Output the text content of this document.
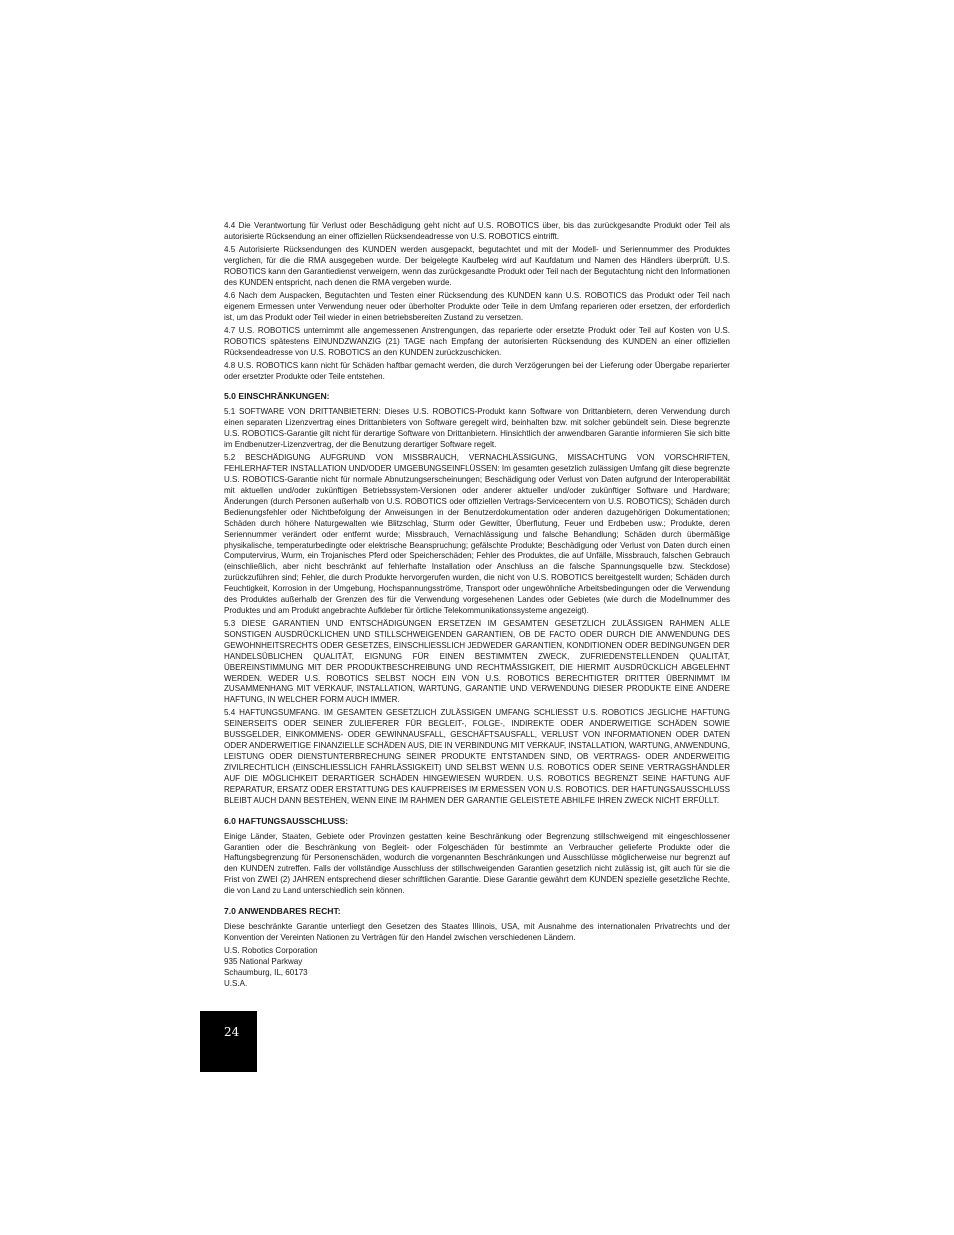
4.4 Die Verantwortung für Verlust oder Beschädigung geht nicht auf U.S. ROBOTICS über, bis das zurückgesandte Produkt oder Teil als autorisierte Rücksendung an einer offiziellen Rücksendeadresse von U.S. ROBOTICS eintrifft.

4.5 Autorisierte Rücksendungen des KUNDEN werden ausgepackt, begutachtet und mit der Modell- und Seriennummer des Produktes verglichen, für die die RMA ausgegeben wurde. Der beigelegte Kaufbeleg wird auf Kaufdatum und Namen des Händlers überprüft. U.S. ROBOTICS kann den Garantiedienst verweigern, wenn das zurückgesandte Produkt oder Teil nach der Begutachtung nicht den Informationen des KUNDEN entspricht, nach denen die RMA vergeben wurde.

4.6 Nach dem Auspacken, Begutachten und Testen einer Rücksendung des KUNDEN kann U.S. ROBOTICS das Produkt oder Teil nach eigenem Ermessen unter Verwendung neuer oder überholter Produkte oder Teile in dem Umfang reparieren oder ersetzen, der erforderlich ist, um das Produkt oder Teil wieder in einen betriebsbereiten Zustand zu versetzen.

4.7 U.S. ROBOTICS unternimmt alle angemessenen Anstrengungen, das reparierte oder ersetzte Produkt oder Teil auf Kosten von U.S. ROBOTICS spätestens EINUNDZWANZIG (21) TAGE nach Empfang der autorisierten Rücksendung des KUNDEN an einer offiziellen Rücksendeadresse von U.S. ROBOTICS an den KUNDEN zurückzuschicken.

4.8 U.S. ROBOTICS kann nicht für Schäden haftbar gemacht werden, die durch Verzögerungen bei der Lieferung oder Übergabe reparierter oder ersetzter Produkte oder Teile entstehen.

5.0 EINSCHRÄNKUNGEN:

5.1 SOFTWARE VON DRITTANBIETERN: Dieses U.S. ROBOTICS-Produkt kann Software von Drittanbietern, deren Verwendung durch einen separaten Lizenzvertrag eines Drittanbieters von Software geregelt wird, beinhalten bzw. mit solcher gebündelt sein. Diese begrenzte U.S. ROBOTICS-Garantie gilt nicht für derartige Software von Drittanbietern. Hinsichtlich der anwendbaren Garantie informieren Sie sich bitte im Endbenutzer-Lizenzvertrag, der die Benutzung derartiger Software regelt.

5.2 BESCHÄDIGUNG AUFGRUND VON MISSBRAUCH, VERNACHLÄSSIGUNG, MISSACHTUNG VON VORSCHRIFTEN, FEHLERHAFTER INSTALLATION UND/ODER UMGEBUNGSEINFLÜSSEN: Im gesamten gesetzlich zulässigen Umfang gilt diese begrenzte U.S. ROBOTICS-Garantie nicht für normale Abnutzungserscheinungen; Beschädigung oder Verlust von Daten aufgrund der Interoperabilität mit aktuellen und/oder zukünftigen Betriebssystem-Versionen oder anderer aktueller und/oder zukünftiger Software und Hardware; Änderungen (durch Personen außerhalb von U.S. ROBOTICS oder offiziellen Vertrags-Servicecentern von U.S. ROBOTICS); Schäden durch Bedienungsfehler oder Nichtbefolgung der Anweisungen in der Benutzerdokumentation oder anderen dazugehörigen Dokumentationen; Schäden durch höhere Naturgewalten wie Blitzschlag, Sturm oder Gewitter, Überflutung, Feuer und Erdbeben usw.; Produkte, deren Seriennummer verändert oder entfernt wurde; Missbrauch, Vernachlässigung und falsche Behandlung; Schäden durch übermäßige physikalische, temperaturbedingte oder elektrische Beanspruchung; gefälschte Produkte; Beschädigung oder Verlust von Daten durch einen Computervirus, Wurm, ein Trojanisches Pferd oder Speicherschäden; Fehler des Produktes, die auf Unfälle, Missbrauch, falschen Gebrauch (einschließlich, aber nicht beschränkt auf fehlerhafte Installation oder Anschluss an die falsche Spannungsquelle bzw. Steckdose) zurückzuführen sind; Fehler, die durch Produkte hervorgerufen wurden, die nicht von U.S. ROBOTICS bereitgestellt wurden; Schäden durch Feuchtigkeit, Korrosion in der Umgebung, Hochspannungsströme, Transport oder ungewöhnliche Arbeitsbedingungen oder die Verwendung des Produktes außerhalb der Grenzen des für die Verwendung vorgesehenen Landes oder Gebietes (wie durch die Modellnummer des Produktes und am Produkt angebrachte Aufkleber für örtliche Telekommunikationssysteme angezeigt).

5.3 DIESE GARANTIEN UND ENTSCHÄDIGUNGEN ERSETZEN IM GESAMTEN GESETZLICH ZULÄSSIGEN RAHMEN ALLE SONSTIGEN AUSDRÜCKLICHEN UND STILLSCHWEIGENDEN GARANTIEN, OB DE FACTO ODER DURCH DIE ANWENDUNG DES GEWOHNHEITSRECHTS ODER GESETZES, EINSCHLIESSLICH JEDWEDER GARANTIEN, KONDITIONEN ODER BEDINGUNGEN DER HANDELSÜBLICHEN QUALITÄT, EIGNUNG FÜR EINEN BESTIMMTEN ZWECK, ZUFRIEDENSTELLENDEN QUALITÄT, ÜBEREINSTIMMUNG MIT DER PRODUKTBESCHREIBUNG UND RECHTMÄSSIGKEIT, DIE HIERMIT AUSDRÜCKLICH ABGELEHNT WERDEN. WEDER U.S. ROBOTICS SELBST NOCH EIN VON U.S. ROBOTICS BERECHTIGTER DRITTER ÜBERNIMMT IM ZUSAMMENHANG MIT VERKAUF, INSTALLATION, WARTUNG, GARANTIE UND VERWENDUNG DIESER PRODUKTE EINE ANDERE HAFTUNG, IN WELCHER FORM AUCH IMMER.

5.4 HAFTUNGSUMFANG. IM GESAMTEN GESETZLICH ZULÄSSIGEN UMFANG SCHLIESST U.S. ROBOTICS JEGLICHE HAFTUNG SEINERSEITS ODER SEINER ZULIEFERER FÜR BEGLEIT-, FOLGE-, INDIREKTE ODER ANDERWEITIGE SCHÄDEN SOWIE BUSSGELDER, EINKOMMENS- ODER GEWINNAUSFALL, GESCHÄFTSAUSFALL, VERLUST VON INFORMATIONEN ODER DATEN ODER ANDERWEITIGE FINANZIELLE SCHÄDEN AUS, DIE IN VERBINDUNG MIT VERKAUF, INSTALLATION, WARTUNG, ANWENDUNG, LEISTUNG ODER DIENSTUNTERBRECHUNG SEINER PRODUKTE ENTSTANDEN SIND, OB VERTRAGS- ODER ANDERWEITIG ZIVILRECHTLICH (EINSCHLIESSLICH FAHRLÄSSIGKEIT) UND SELBST WENN U.S. ROBOTICS ODER SEINE VERTRAGSHÄNDLER AUF DIE MÖGLICHKEIT DERARTIGER SCHÄDEN HINGEWIESEN WURDEN. U.S. ROBOTICS BEGRENZT SEINE HAFTUNG AUF REPARATUR, ERSATZ ODER ERSTATTUNG DES KAUFPREISES IM ERMESSEN VON U.S. ROBOTICS. DER HAFTUNGSAUSSCHLUSS BLEIBT AUCH DANN BESTEHEN, WENN EINE IM RAHMEN DER GARANTIE GELEISTETE ABHILFE IHREN ZWECK NICHT ERFÜLLT.

6.0 HAFTUNGSAUSSCHLUSS:

Einige Länder, Staaten, Gebiete oder Provinzen gestatten keine Beschränkung oder Begrenzung stillschweigend mit eingeschlossener Garantien oder die Beschränkung von Begleit- oder Folgeschäden für bestimmte an Verbraucher gelieferte Produkte oder die Haftungsbegrenzung für Personenschäden, wodurch die vorgenannten Beschränkungen und Ausschlüsse möglicherweise nur begrenzt auf den KUNDEN zutreffen. Falls der vollständige Ausschluss der stillschweigenden Garantien gesetzlich nicht zulässig ist, gilt auch für sie die Frist von ZWEI (2) JAHREN entsprechend dieser schriftlichen Garantie. Diese Garantie gewährt dem KUNDEN spezielle gesetzliche Rechte, die von Land zu Land unterschiedlich sein können.

7.0 ANWENDBARES RECHT:

Diese beschränkte Garantie unterliegt den Gesetzen des Staates Illinois, USA, mit Ausnahme des internationalen Privatrechts und der Konvention der Vereinten Nationen zu Verträgen für den Handel zwischen verschiedenen Ländern.

U.S. Robotics Corporation

935 National Parkway

Schaumburg, IL, 60173

U.S.A.

24
